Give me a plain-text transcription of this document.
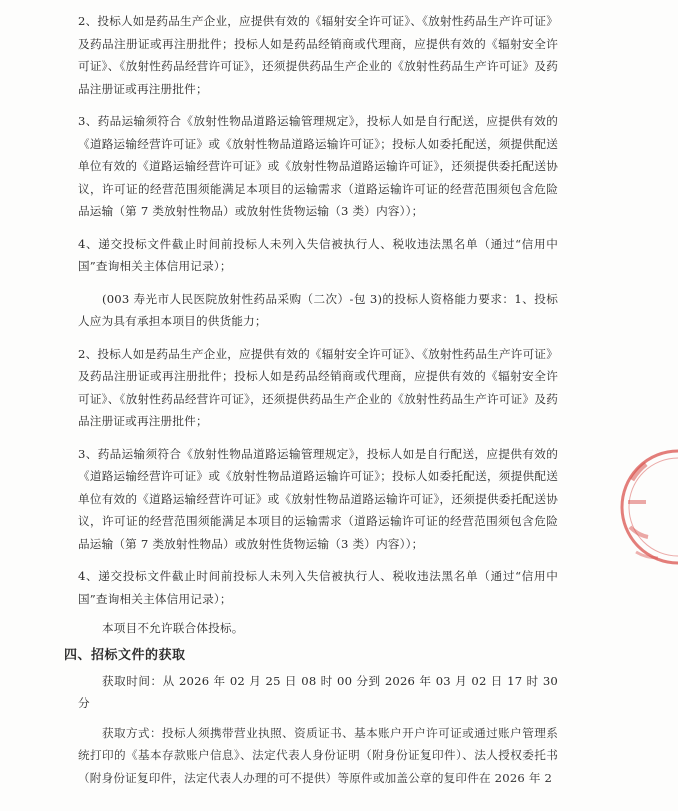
2、投标人如是药品生产企业，应提供有效的《辐射安全许可证》、《放射性药品生产许可证》及药品注册证或再注册批件；投标人如是药品经销商或代理商，应提供有效的《辐射安全许可证》、《放射性药品经营许可证》，还须提供药品生产企业的《放射性药品生产许可证》及药品注册证或再注册批件；

3、药品运输须符合《放射性物品道路运输管理规定》，投标人如是自行配送，应提供有效的《道路运输经营许可证》或《放射性物品道路运输许可证》；投标人如委托配送，须提供配送单位有效的《道路运输经营许可证》或《放射性物品道路运输许可证》，还须提供委托配送协议，许可证的经营范围须能满足本项目的运输需求（道路运输许可证的经营范围须包含危险品运输（第 7 类放射性物品）或放射性货物运输（3 类）内容））；

4、递交投标文件截止时间前投标人未列入失信被执行人、税收违法黑名单（通过“信用中国”查询相关主体信用记录）；

(003 寿光市人民医院放射性药品采购（二次）-包 3)的投标人资格能力要求：1、投标人应为具有承担本项目的供货能力；

2、投标人如是药品生产企业，应提供有效的《辐射安全许可证》、《放射性药品生产许可证》及药品注册证或再注册批件；投标人如是药品经销商或代理商，应提供有效的《辐射安全许可证》、《放射性药品经营许可证》，还须提供药品生产企业的《放射性药品生产许可证》及药品注册证或再注册批件；

3、药品运输须符合《放射性物品道路运输管理规定》，投标人如是自行配送，应提供有效的《道路运输经营许可证》或《放射性物品道路运输许可证》；投标人如委托配送，须提供配送单位有效的《道路运输经营许可证》或《放射性物品道路运输许可证》，还须提供委托配送协议，许可证的经营范围须能满足本项目的运输需求（道路运输许可证的经营范围须包含危险品运输（第 7 类放射性物品）或放射性货物运输（3 类）内容））；

4、递交投标文件截止时间前投标人未列入失信被执行人、税收违法黑名单（通过“信用中国”查询相关主体信用记录）；

本项目不允许联合体投标。

四、招标文件的获取

获取时间：从 2026 年 02 月 25 日 08 时 00 分到 2026 年 03 月 02 日 17 时 30 分

获取方式：投标人须携带营业执照、资质证书、基本账户开户许可证或通过账户管理系统打印的《基本存款账户信息》、法定代表人身份证明（附身份证复印件）、法人授权委托书（附身份证复印件，法定代表人办理的可不提供）等原件或加盖公章的复印件在 2026 年 2
